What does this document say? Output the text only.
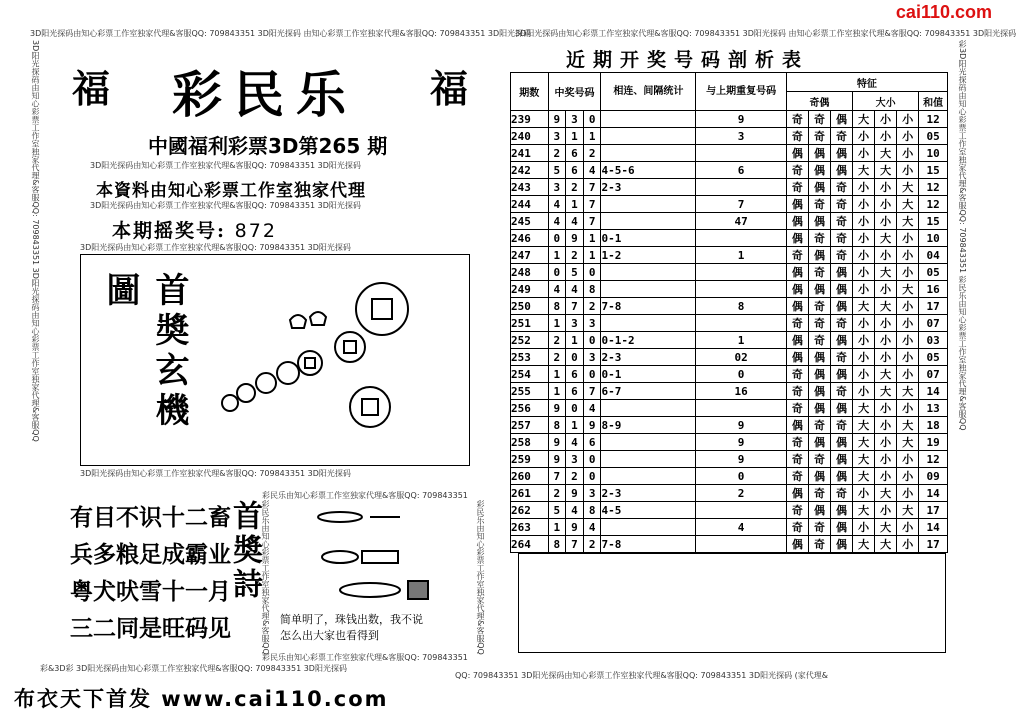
cai110.com
3D阳光探码由知心彩票工作室独家代理&客服QQ: 709843351 3D阳光探码 由知心彩票工作室独家代理&客服QQ: 709843351 3D阳光探码
3D阳光探码由知心彩票工作室独家代理&客服QQ: 709843351 3D阳光探码 由知心彩票工作室独家代理&客服QQ: 709843351 3D阳光探码
彩&3D彩 3D阳光探码由知心彩票工作室独家代理&客服QQ: 709843351 3D阳光探码
QQ: 709843351 3D阳光探码由知心彩票工作室独家代理&客服QQ: 709843351 3D阳光探码 (家代理&
3D阳光探码由知心彩票工作室独家代理&客服QQ: 709843351 3D阳光探码由知心彩票工作室独家代理&客服QQ	彩3D阳光探码由知心彩票工作室独家代理&客服QQ: 709843351 彩民乐由知心彩票工作室独家代理&客服QQ
福	福
彩民乐
中國福利彩票3D第265 期
3D阳光探码由知心彩票工作室独家代理&客服QQ: 709843351 3D阳光探码
本資料由知心彩票工作室独家代理
3D阳光探码由知心彩票工作室独家代理&客服QQ: 709843351 3D阳光探码
本期摇奖号: 872
3D阳光探码由知心彩票工作室独家代理&客服QQ: 709843351 3D阳光探码
3D阳光探码由知心彩票工作室独家代理&客服QQ: 709843351 3D阳光探码
首奬玄機圖
有目不识十二畜
兵多粮足成霸业
粤犬吠雪十一月
三二同是旺码见
首奬詩
彩民乐由知心彩票工作室独家代理&客服QQ: 709843351
彩民乐由知心彩票工作室独家代理&客服QQ: 709843351
彩民乐由知心彩票工作室独家代理&客服QQ	彩民乐由知心彩票工作室独家代理&客服QQ
简单明了，珠钱出数，我不说
怎么出大家也看得到
布衣天下首发 www.cai110.com
近期开奖号码剖析表
期数	中奖号码			相连、间隔统计	与上期重复号码	特征						
						奇偶			大小			和值
239	9	3	0		9	奇	奇	偶	大	小	小	12
240	3	1	1		3	奇	奇	奇	小	小	小	05
241	2	6	2			偶	偶	偶	小	大	小	10
242	5	6	4	4-5-6	6	奇	偶	偶	大	大	小	15
243	3	2	7	2-3		奇	偶	奇	小	小	大	12
244	4	1	7		7	偶	奇	奇	小	小	大	12
245	4	4	7		47	偶	偶	奇	小	小	大	15
246	0	9	1	0-1		偶	奇	奇	小	大	小	10
247	1	2	1	1-2	1	奇	偶	奇	小	小	小	04
248	0	5	0			偶	奇	偶	小	大	小	05
249	4	4	8			偶	偶	偶	小	小	大	16
250	8	7	2	7-8	8	偶	奇	偶	大	大	小	17
251	1	3	3			奇	奇	奇	小	小	小	07
252	2	1	0	0-1-2	1	偶	奇	偶	小	小	小	03
253	2	0	3	2-3	02	偶	偶	奇	小	小	小	05
254	1	6	0	0-1	0	奇	偶	偶	小	大	小	07
255	1	6	7	6-7	16	奇	偶	奇	小	大	大	14
256	9	0	4			奇	偶	偶	大	小	小	13
257	8	1	9	8-9	9	偶	奇	奇	大	小	大	18
258	9	4	6		9	奇	偶	偶	大	小	大	19
259	9	3	0		9	奇	奇	偶	大	小	小	12
260	7	2	0		0	奇	偶	偶	大	小	小	09
261	2	9	3	2-3	2	偶	奇	奇	小	大	小	14
262	5	4	8	4-5		奇	偶	偶	大	小	大	17
263	1	9	4		4	奇	奇	偶	小	大	小	14
264	8	7	2	7-8		偶	奇	偶	大	大	小	17
